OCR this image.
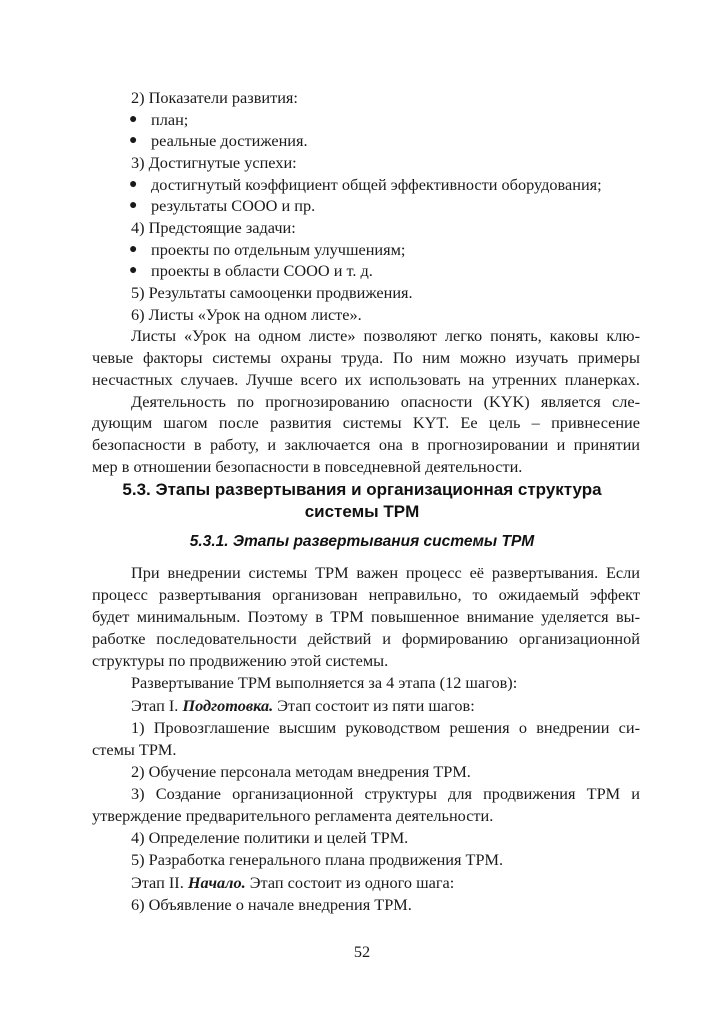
2) Показатели развития:
● план;
● реальные достижения.
3) Достигнутые успехи:
● достигнутый коэффициент общей эффективности оборудования;
● результаты СООО и пр.
4) Предстоящие задачи:
● проекты по отдельным улучшениям;
● проекты в области СООО и т. д.
5) Результаты самооценки продвижения.
6) Листы «Урок на одном листе».
Листы «Урок на одном листе» позволяют легко понять, каковы клю-
чевые факторы системы охраны труда. По ним можно изучать примеры
несчастных случаев. Лучше всего их использовать на утренних планерках.
Деятельность по прогнозированию опасности (KYK) является сле-
дующим шагом после развития системы KYT. Ее цель – привнесение
безопасности в работу, и заключается она в прогнозировании и принятии
мер в отношении безопасности в повседневной деятельности.
5.3. Этапы развертывания и организационная структура
системы TPM
5.3.1. Этапы развертывания системы TPM
При внедрении системы TPM важен процесс её развертывания. Если
процесс развертывания организован неправильно, то ожидаемый эффект
будет минимальным. Поэтому в TPM повышенное внимание уделяется вы-
работке последовательности действий и формированию организационной
структуры по продвижению этой системы.
Развертывание TPM выполняется за 4 этапа (12 шагов):
Этап I. Подготовка. Этап состоит из пяти шагов:
1) Провозглашение высшим руководством решения о внедрении си-
стемы TPM.
2) Обучение персонала методам внедрения TPM.
3) Создание организационной структуры для продвижения TPM и
утверждение предварительного регламента деятельности.
4) Определение политики и целей TPM.
5) Разработка генерального плана продвижения TPM.
Этап II. Начало. Этап состоит из одного шага:
6) Объявление о начале внедрения TPM.
52
